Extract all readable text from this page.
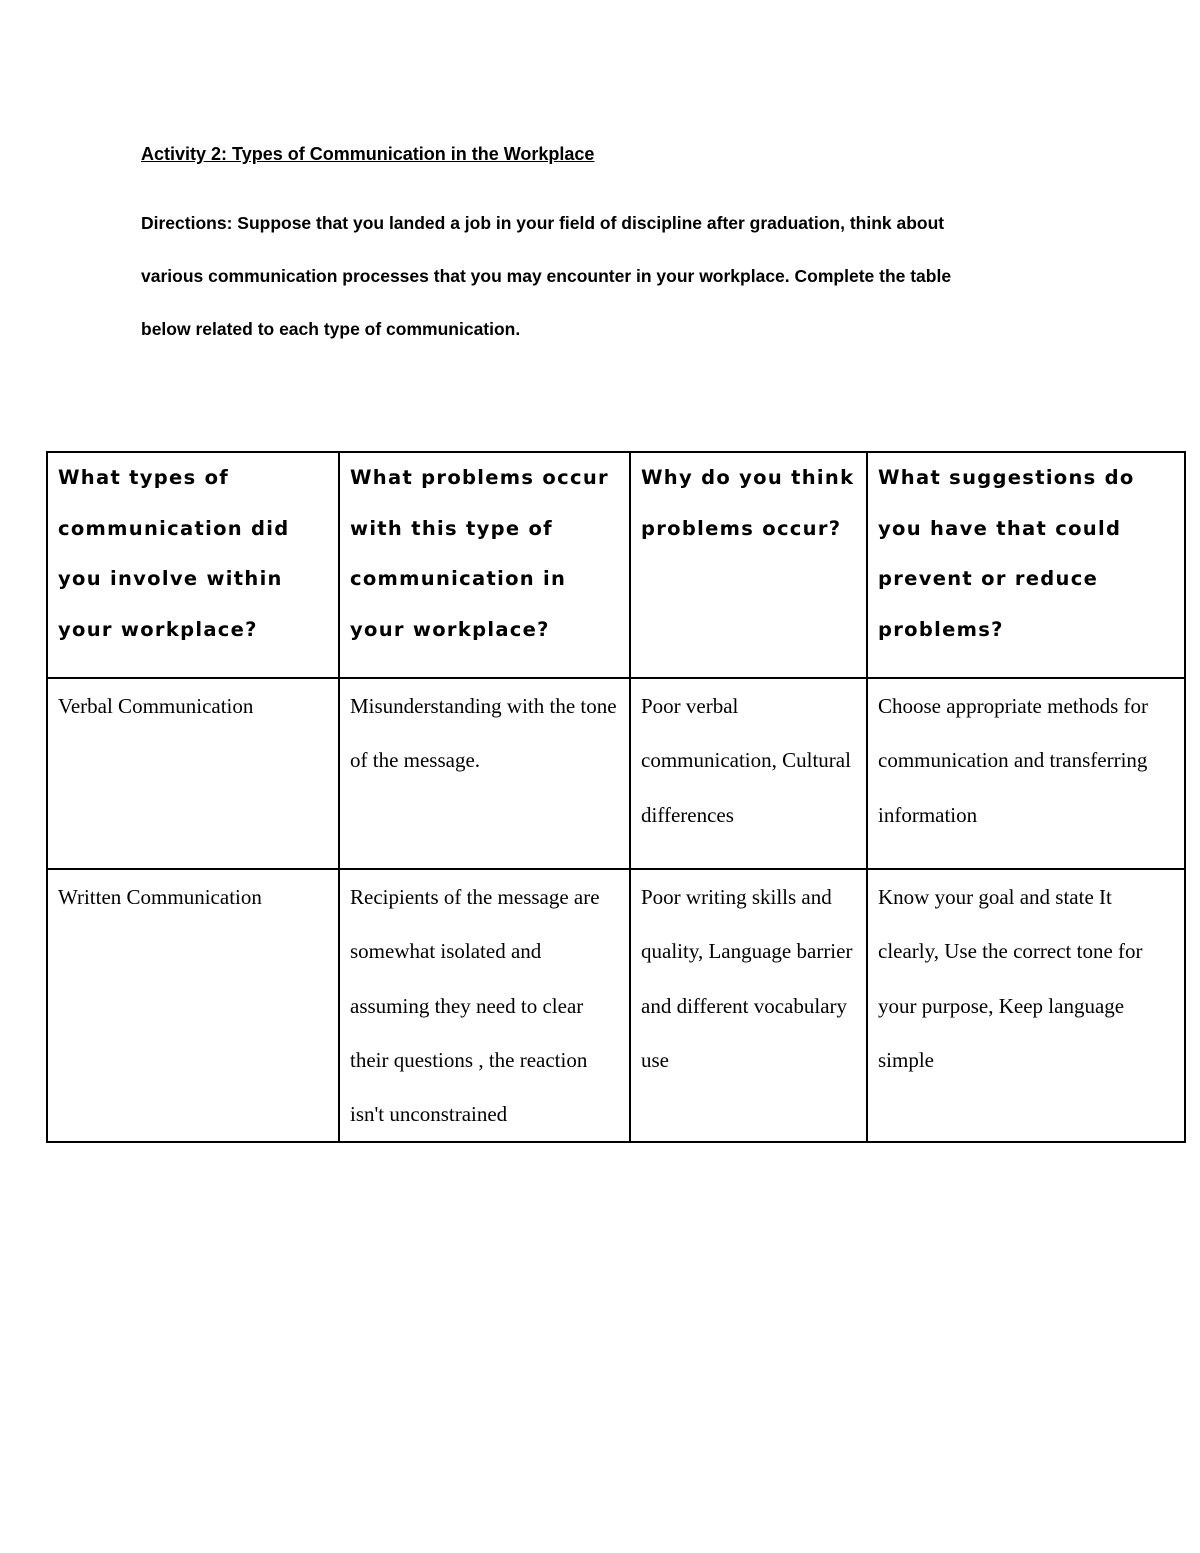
Activity 2: Types of Communication in the Workplace
Directions: Suppose that you landed a job in your field of discipline after graduation, think about
various communication processes that you may encounter in your workplace. Complete the table
below related to each type of communication.
What types of communication did you involve within your workplace?	What problems occur with this type of communication in your workplace?	Why do you think problems occur?	What suggestions do you have that could prevent or reduce problems?
Verbal Communication	Misunderstanding with the tone of the message.	Poor verbal communication, Cultural differences	Choose appropriate methods for communication and transferring information
Written Communication	Recipients of the message are somewhat isolated and assuming they need to clear their questions , the reaction isn't unconstrained	Poor writing skills and quality, Language barrier and different vocabulary use	Know your goal and state It clearly, Use the correct tone for your purpose, Keep language simple
